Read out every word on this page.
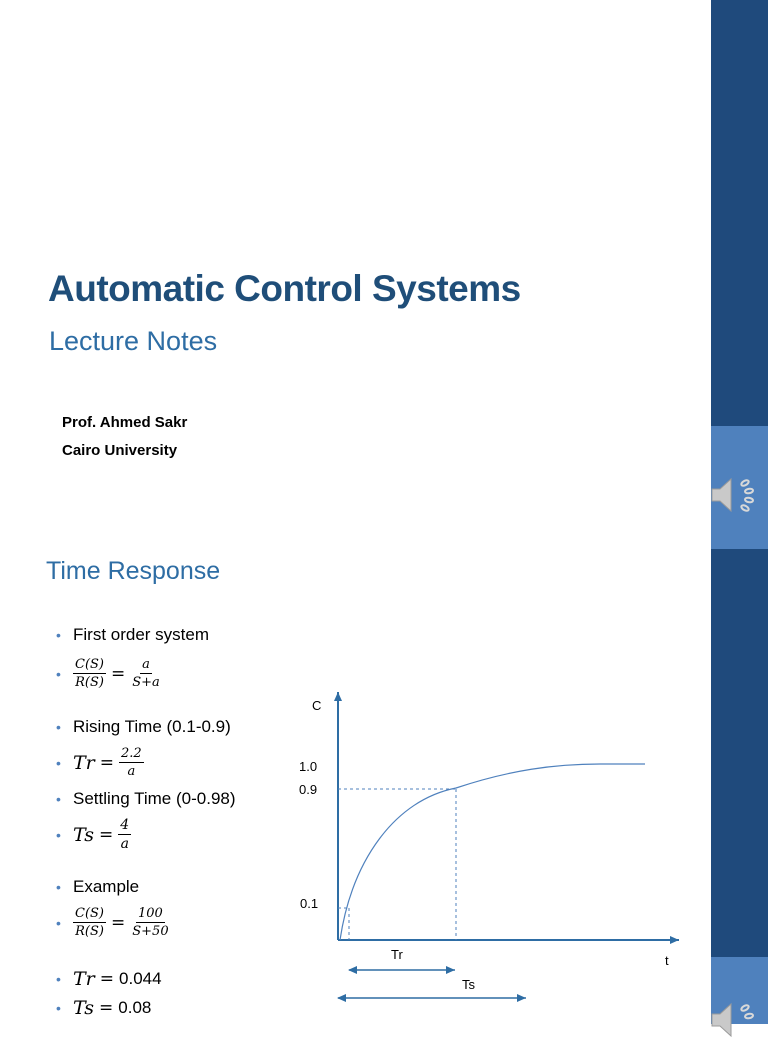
Automatic Control Systems
Lecture Notes
Prof. Ahmed Sakr
Cairo University
Time Response
• First order system
• $\frac{C(S)}{R(S)} = \frac{a}{S+a}$
• Rising Time (0.1-0.9)
• $Tr = \frac{2.2}{a}$
• Settling Time (0-0.98)
• $Ts = \frac{4}{a}$
• Example
• $\frac{C(S)}{R(S)} = \frac{100}{S+50}$
• Tr = 0.044
• Ts = 0.08
C
t
1.0
0.9
0.1
Tr
Ts
